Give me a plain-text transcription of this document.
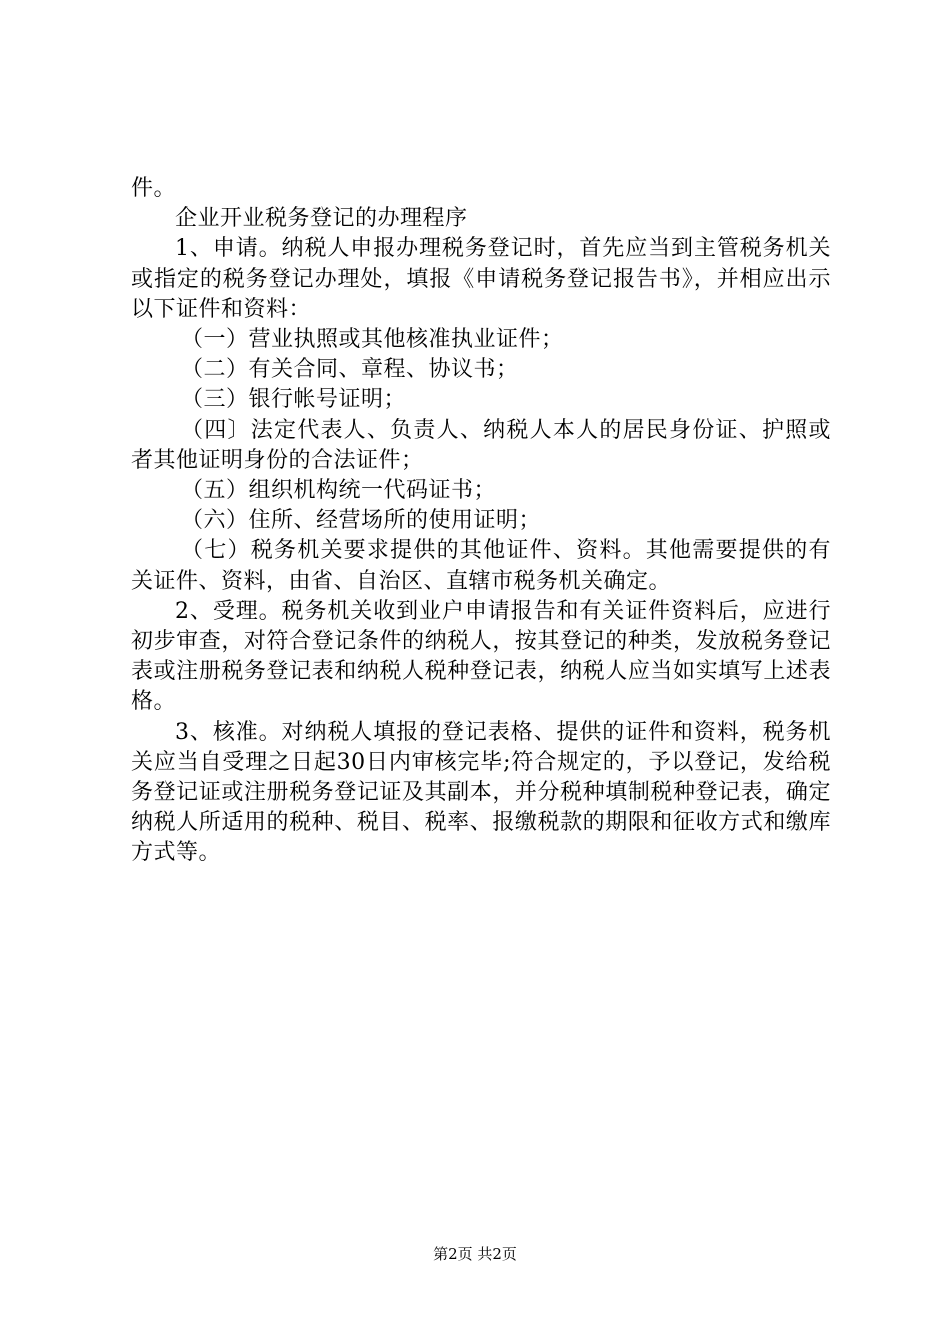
件。

企业开业税务登记的办理程序

1、申请。纳税人申报办理税务登记时，首先应当到主管税务机关或指定的税务登记办理处，填报《申请税务登记报告书》，并相应出示以下证件和资料：

（一）营业执照或其他核准执业证件；

（二）有关合同、章程、协议书；

（三）银行帐号证明；

（四〕法定代表人、负责人、纳税人本人的居民身份证、护照或者其他证明身份的合法证件；

（五）组织机构统一代码证书；

（六）住所、经营场所的使用证明；

（七）税务机关要求提供的其他证件、资料。其他需要提供的有关证件、资料，由省、自治区、直辖市税务机关确定。

2、受理。税务机关收到业户申请报告和有关证件资料后，应进行初步审查，对符合登记条件的纳税人，按其登记的种类，发放税务登记表或注册税务登记表和纳税人税种登记表，纳税人应当如实填写上述表格。

3、核准。对纳税人填报的登记表格、提供的证件和资料，税务机关应当自受理之日起30日内审核完毕;符合规定的，予以登记，发给税务登记证或注册税务登记证及其副本，并分税种填制税种登记表，确定纳税人所适用的税种、税目、税率、报缴税款的期限和征收方式和缴库方式等。

第2页 共2页
